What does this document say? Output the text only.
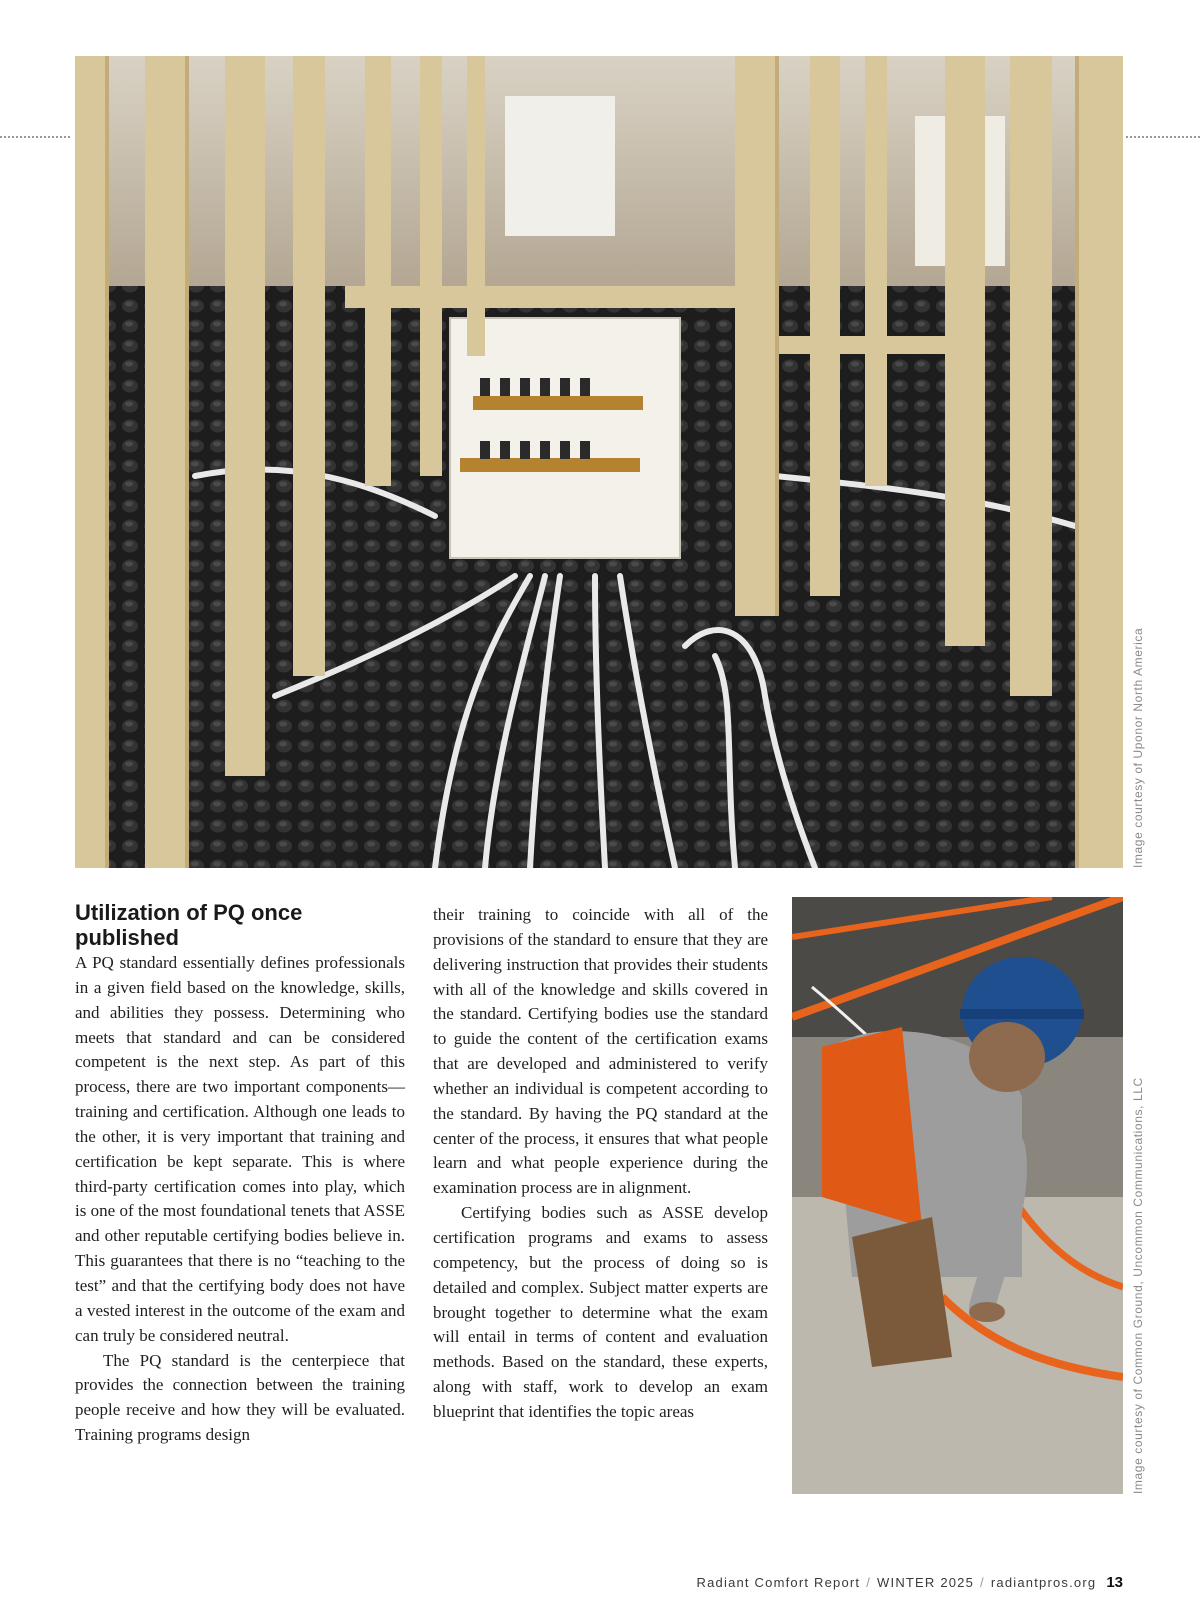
Image courtesy of Uponor North America
Image courtesy of Common Ground, Uncommon Communications, LLC
Utilization of PQ once published

A PQ standard essentially defines professionals in a given field based on the knowledge, skills, and abilities they possess. Determining who meets that standard and can be considered competent is the next step. As part of this process, there are two important components—training and certification. Although one leads to the other, it is very important that training and certification be kept separate. This is where third-party certification comes into play, which is one of the most foundational tenets that ASSE and other reputable certifying bodies believe in. This guarantees that there is no “teaching to the test” and that the certifying body does not have a vested interest in the outcome of the exam and can truly be considered neutral.

The PQ standard is the centerpiece that provides the connection between the training people receive and how they will be evaluated. Training programs design

their training to coincide with all of the provisions of the standard to ensure that they are delivering instruction that provides their students with all of the knowledge and skills covered in the standard. Certifying bodies use the standard to guide the content of the certification exams that are developed and administered to verify whether an individual is competent according to the standard. By having the PQ standard at the center of the process, it ensures that what people learn and what people experience during the examination process are in alignment.

Certifying bodies such as ASSE develop certification programs and exams to assess competency, but the process of doing so is detailed and complex. Subject matter experts are brought together to determine what the exam will entail in terms of content and evaluation methods. Based on the standard, these experts, along with staff, work to develop an exam blueprint that identifies the topic areas

Radiant Comfort Report / WINTER 2025 / radiantpros.org 13
